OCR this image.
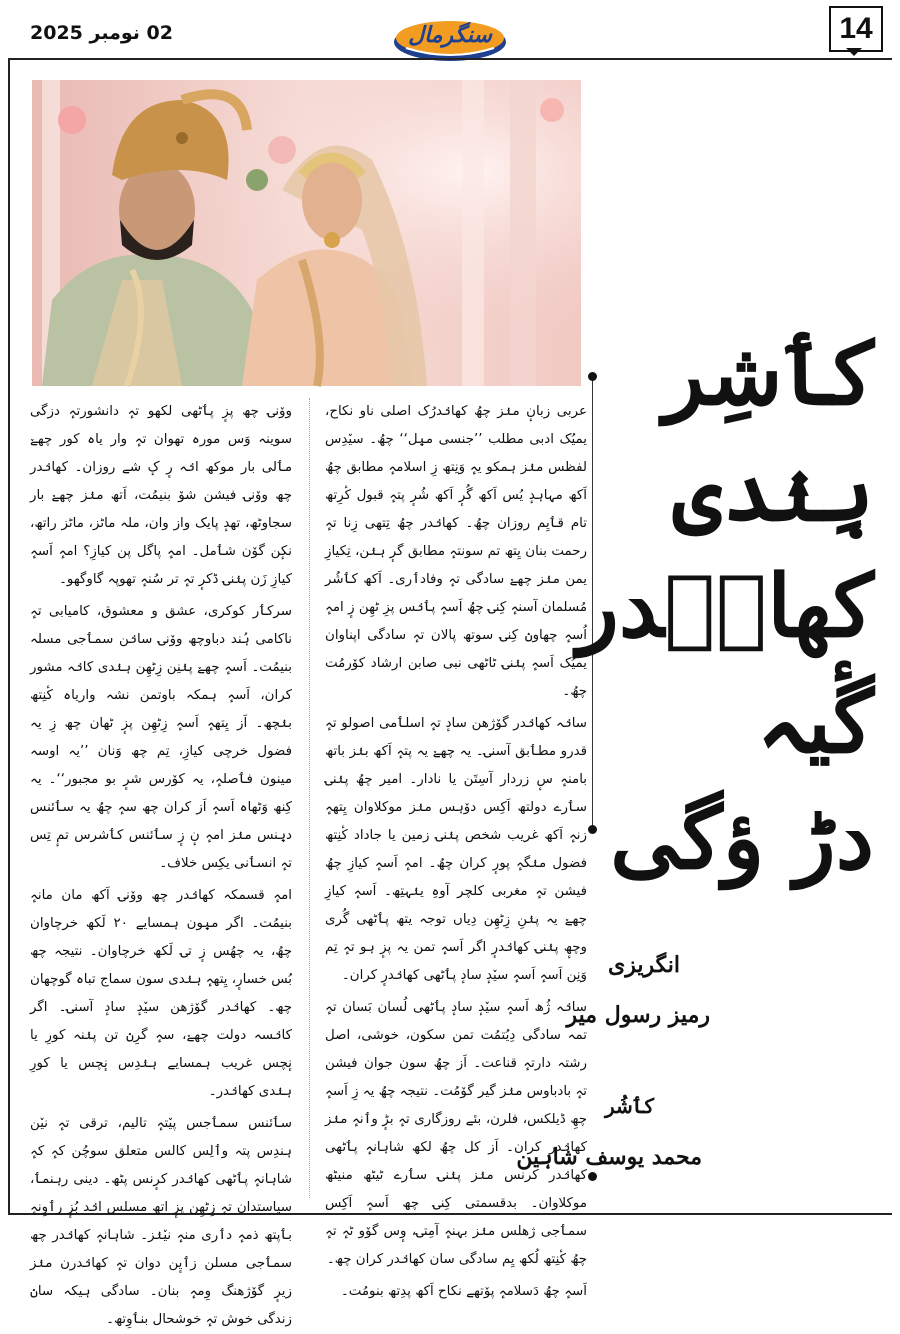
02 نومبر 2025	سنگرمال	14
کٲشِر
ہِنٛدی
کھانٛدر
گٔیہ
دڑ ؤگی
انگریزی
رمیز رسول میر
کٲشُر
محمد یوسف شاہین

عربی زبانٕ منٛز چھُ کھانٛدرُک اصلی ناو نکاح، یمیُک ادبی مطلب ’’جنسی میٖل‘‘ چھُ۔ سیٚدِس لفظس منٛز ہمکو یہٕ وَنِتھ زِ اسلامہٕ مطابق چھُ اَکھ مہاہدٕ یُس اَکھ گُرٕ اَکھ شُرٕ پتہٕ قبول کٔرِتھ تام قٲیِم روزان چھُ۔ کھانٛدر چھُ تِتھی زِنا تہٕ رحمت بنان یِتھ تم سونتہٕ مطابق گرٕ ہنٛن، تِکیازِ یمن منٛز چھےٚ سادگی تہٕ وفادٲری۔ اَکھ کٲشُر مُسلمان آسنہٕ کِنۍ چھُ اَسہٕ پٲنٛس پزِ ٹھِن زٕ امہٕ اُسہٕ چھاونٛ کِنۍ سوتھ پالان تہٕ سادگی اپناوان یمیُک اَسہٕ پنٛنۍ ٹاٹھی نبی صابن ارشاد کوٚرمُت چھُ۔

سانٛہ کھانٛدر گوٚژھن سادٕ تہٕ اسلٲمی اصولو تہٕ قدرو مطٲبق آسنۍ۔ یہ چھےٚ یہ پتہٕ اَکھ بنٛز باتھ بامنہٕ سٕ زردار آسِتَن یا نادار۔ امیر چھُ پنٛنۍ سٲرے دولتھ اَکِس دوٚہس منٛز موکلاوان یِتھہٕ زنہٕ اَکھ غریب شخص پنٛنۍ زمین یا جاداد کٔنِتھ فضول منٛگہٕ پورٕ کران چھُ۔ امہٕ اَسہٕ کیازِ چھُ فیشن تہٕ مغربی کلچر آوہِ ینٛہتِھ۔ اَسہٕ کیازِ چھےٚ یہ پنٛنِ زِٹھِن دِیاں توجہ یتھ پٲٹھی گُری وچھٕ پنٛنۍ کھانٛدرٕ اگر اَسہٕ تمن یہ پزٕ ہو تہٕ تِم وَنِن اَسہٕ اَسہٕ سیٚدٕ سادٕ پٲٹھی کھانٛدرٕ کران۔

سانٛہ ژُھ اَسہٕ سیٚدٕ سادٕ پٲٹھی لُسان بَسان تہٕ تمہ سادگی دِیُتمُت تمن سکون، خوشی، اصل رشتہ دارتہٕ قناعت۔ اَز چھُ سون جوان فیشن تہٕ بادباوس منٛز گیر گوٚمُت۔ نتیجہ چھُ یہ زِ اَسہٕ چھِ ڈیلکس، فلرن، بئے روزگاری تہٕ بڑٕ وٲنہٕ منٛز کھانٛدر کران۔ اَز کل چھُ لکھ شاہانہٕ پٲٹھی کھانٛدر کرنس منٛز پنٛنۍ سٲرے ٹیٹھ منیٹھ موکلاوان۔ بدقسمتی کِنۍ چھ اَسہٕ اَکِس سمٲجی ژھلس منٛز بہنہٕ آمِتۍ، وٕس گوٚو ٹہٕ تہٕ چھُ کٔنِتھ لُکھ یِم سادگی سان کھانٛدر کران چھ۔

اَسہٕ چھُ دَسلامہٕ پوٚتھے نکاح اَکھ پدِتھ بنومُت۔

ووٚنۍ چھ پزٕ پٲٹھی لکھو تہٕ دانشورتہٕ دزگی سوینہ وَس مورہ تھوان تہٕ وار یاہ کور چھےٚ مٲلی بار موکھ انٛہ رٕ کٕ شے روزان۔ کھانٛدر چھ ووٚنۍ فیشن شوٚ بنیمُت، اَتھ منٛز چھےٚ بار سجاوٹھ، تھدٕ پایک واز وان، ملہ ماٹز، ماٹز راتھ، نکٕن گوٚن شٲمل۔ امہٕ پاگل پن کیازِ؟ امہٕ اَسہٕ کیازِ زَن پنٛنۍ ڈکرٕ تہٕ تر سُنہٕ تھوپہ گاوگھو۔

سرکٲر کوکری، عشق و معشوق، کامیابی تہٕ ناکامی ہُند دباوچھ ووٚنۍ سانٛن سمٲجی مسلہ بنیمُت۔ اَسہٕ چھےٚ پنٛنِن زِٹھِن ہنٛدی کانٛہ مشور کران، اَسہٕ ہمکہ باوتمن نشہ واریاہ کٔنِتھ بنٛچھ۔ اَز یِتھہٕ اَسہٕ زِٹھِن پزٕ ٹھان چھ زِ یہ فضول خرچی کیازِ، تِم چھ وَنان ’’یہ اوسہ مینون فٲصلہٕ، یہ کوٚرس شرٕ بو مجبور‘‘۔ یہ کِنھ وَٹھاہ اَسہٕ اَز کران چھ سہٕ چھُ یہ سٲئنس دیٖنس منٛز امہٕ نٕ زٕ سٲئنس کٲشرس تمٕ تِس تہٕ انسٲنی یکِس خلاف۔

امہٕ قسمکہ کھانٛدر چھ ووٚنۍ اَکھ مان مانہٕ بنیمُت۔ اگر میٖون ہمسایے ۲۰ لَکھ خرچاوان چھُ، یہ چھُس زٕ تۍ لَکھ خرچاوان۔ نتیجہ چھ بُس خسارٕ، یِتھہٕ ہنٛدی سون سماج تباہ گوچھان چھ۔ کھانٛدر گوٚژھن سیٚدٕ سادٕ آسنۍ۔ اگر کانٛسہ دولت چھےٚ، سہٕ گرِنٛ تن پنٛنہ کورِ یا نٕچس غریب ہمسایے ہنٛدِس نٕچس یا کورِ ہنٛدی کھانٛدر۔

سٲئنس سمٲجس پیٚتہٕ تالیم، ترقی تہٕ نیٚن ہندِس پتہ وٲلِس کالس متعلق سوچُن کہٕ کہٕ شاہانہٕ پٲٹھی کھانٛدر کرٕنس پٹھ۔ دینی رہنمٲ، سیاستدان تہٕ زِٹھِن پزٕ اتھ مسلس انٛد بُزٕ رٲوِنہٕ بٲپتھ ذمہٕ دٲری منہٕ نیٚنٛز۔ شاہانہٕ کھانٛدر چھ سمٲجی مسلن زٲیٕن دوان تہٕ کھانٛدرن منٛز زیرٕ گوٚژھنگ وِمہٕ بنان۔ سادگی ہیکہ سانٛ زندگی خوش تہٕ خوشحال بنٲوِتھ۔
